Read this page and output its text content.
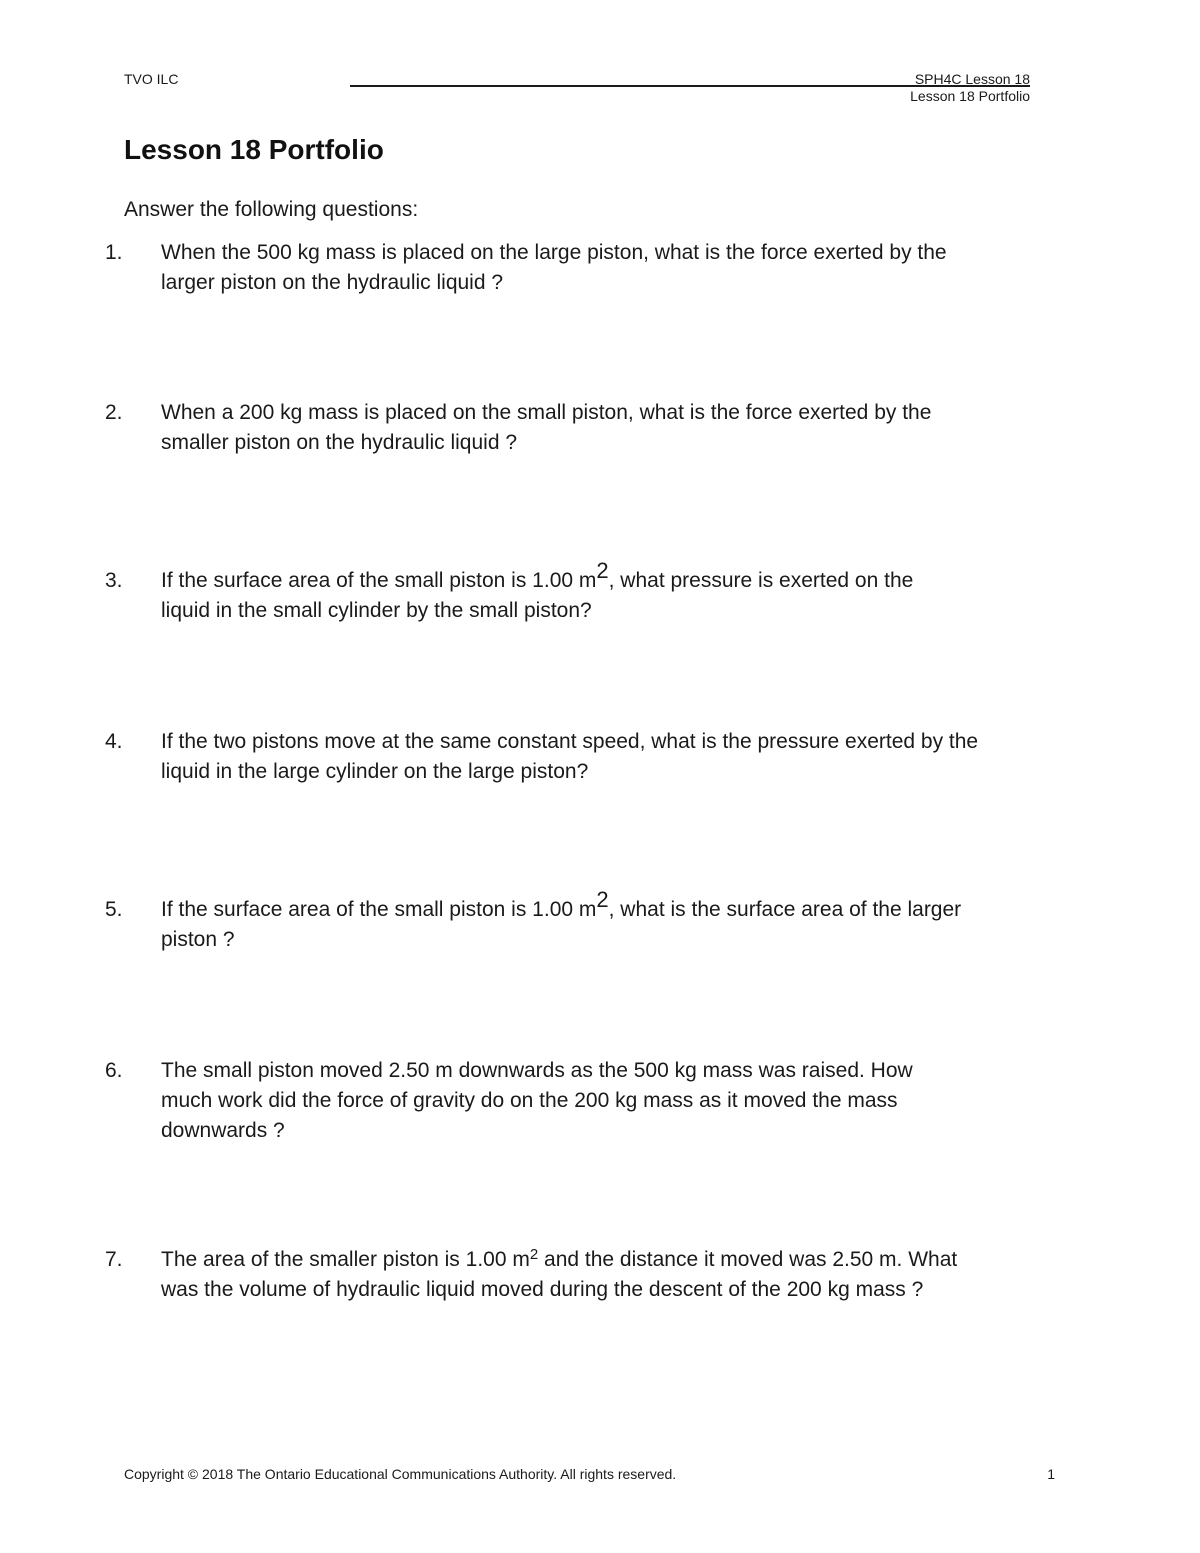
TVO ILC	SPH4C Lesson 18
Lesson 18 Portfolio
Lesson 18 Portfolio
Answer the following questions:
1. When the 500 kg mass is placed on the large piston, what is the force exerted by the
larger piston on the hydraulic liquid ?
2. When a 200 kg mass is placed on the small piston, what is the force exerted by the
smaller piston on the hydraulic liquid ?
3. If the surface area of the small piston is 1.00 $m^2$, what pressure is exerted on the
liquid in the small cylinder by the small piston?
4. If the two pistons move at the same constant speed, what is the pressure exerted by the
liquid in the large cylinder on the large piston?
5. If the surface area of the small piston is 1.00 $m^2$, what is the surface area of the larger
piston ?
6. The small piston moved 2.50 m downwards as the 500 kg mass was raised. How
much work did the force of gravity do on the 200 kg mass as it moved the mass
downwards ?
7. The area of the smaller piston is 1.00 $m^2$ and the distance it moved was 2.50 m. What
was the volume of hydraulic liquid moved during the descent of the 200 kg mass ?
Copyright © 2018 The Ontario Educational Communications Authority. All rights reserved.	1
